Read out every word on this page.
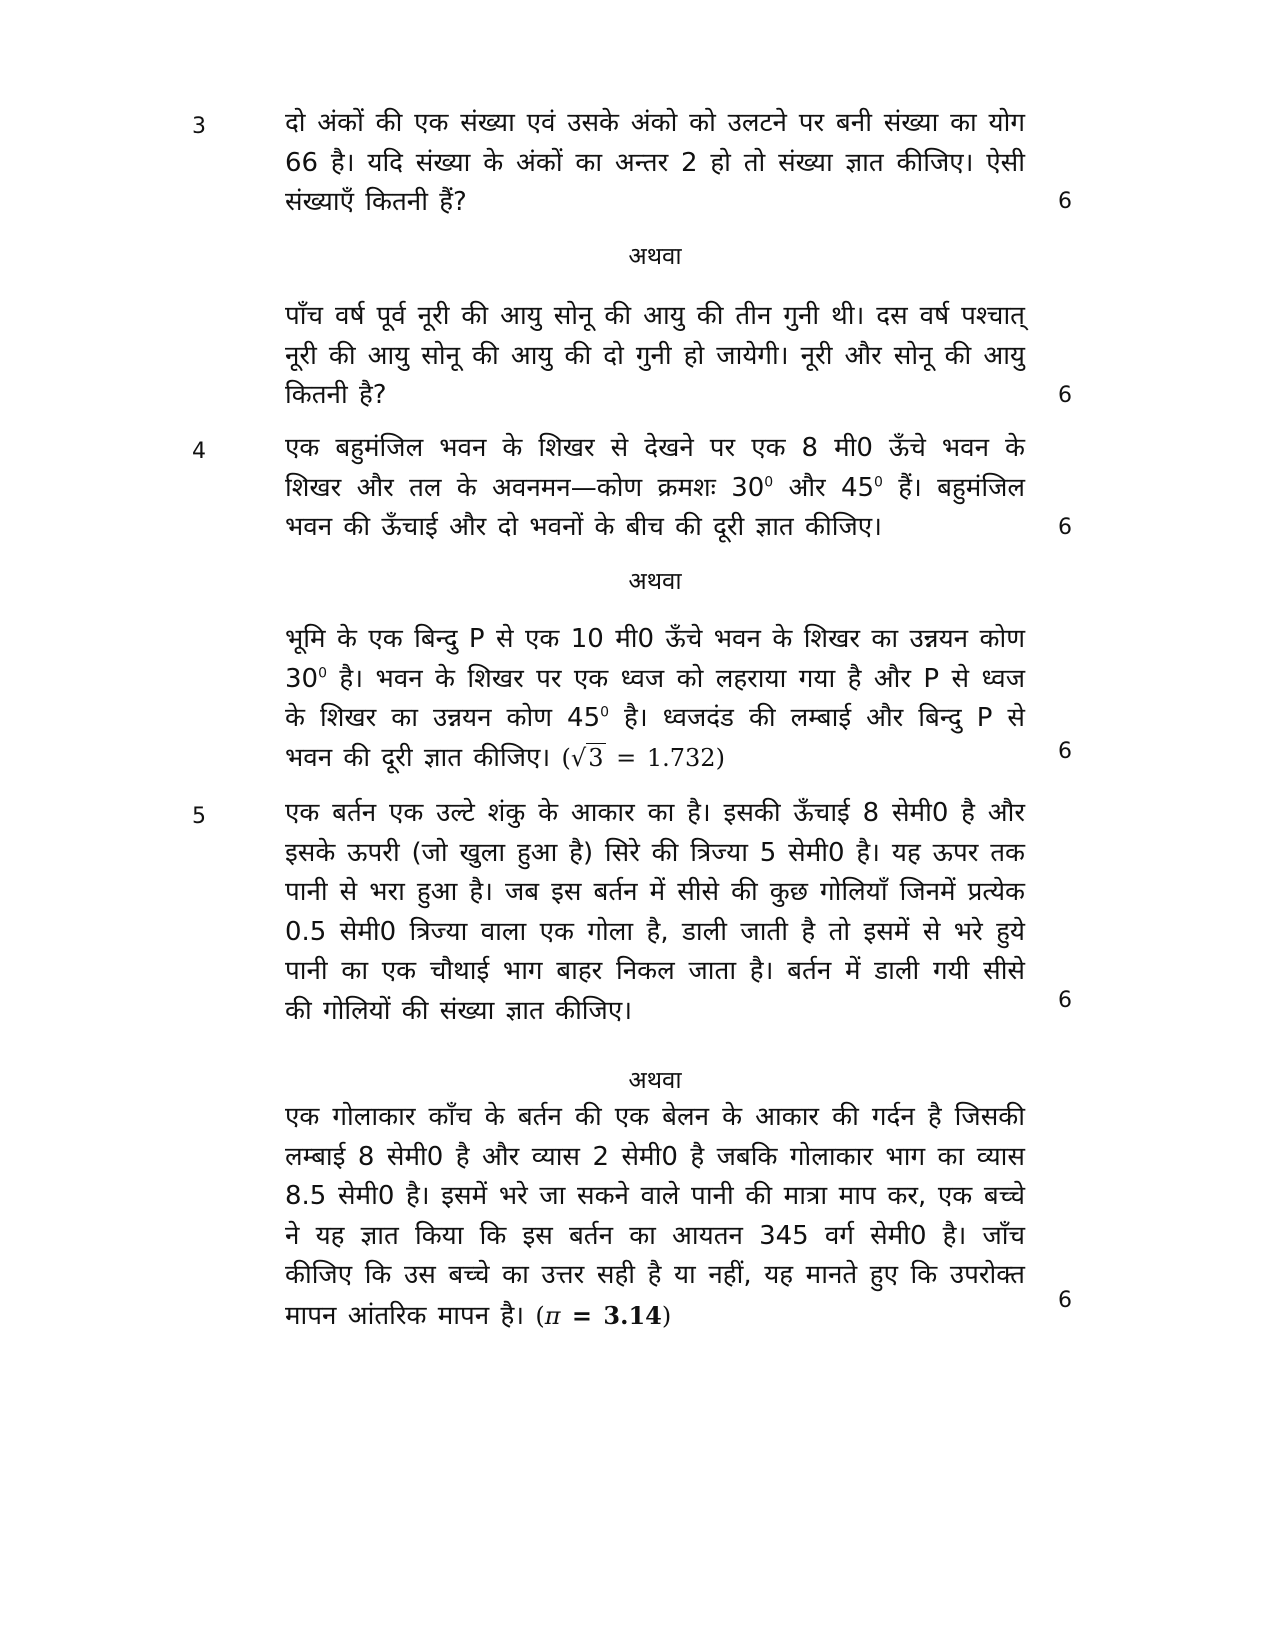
3	दो अंकों की एक संख्या एवं उसके अंको को उलटने पर बनी संख्या का योग 66 है। यदि संख्या के अंकों का अन्तर 2 हो तो संख्या ज्ञात कीजिए। ऐसी संख्याएँ कितनी हैं?	6
अथवा
पाँच वर्ष पूर्व नूरी की आयु सोनू की आयु की तीन गुनी थी। दस वर्ष पश्चात् नूरी की आयु सोनू की आयु की दो गुनी हो जायेगी। नूरी और सोनू की आयु कितनी है?	6
4	एक बहुमंजिल भवन के शिखर से देखने पर एक 8 मी0 ऊँचे भवन के शिखर और तल के अवनमन—कोण क्रमशः $30^0$ और $45^0$ हैं। बहुमंजिल भवन की ऊँचाई और दो भवनों के बीच की दूरी ज्ञात कीजिए।	6
अथवा
भूमि के एक बिन्दु P से एक 10 मी0 ऊँचे भवन के शिखर का उन्नयन कोण $30^0$ है। भवन के शिखर पर एक ध्वज को लहराया गया है और P से ध्वज के शिखर का उन्नयन कोण $45^0$ है। ध्वजदंड की लम्बाई और बिन्दु P से भवन की दूरी ज्ञात कीजिए। (√3 = 1.732)	6
5	एक बर्तन एक उल्टे शंकु के आकार का है। इसकी ऊँचाई 8 सेमी0 है और इसके ऊपरी (जो खुला हुआ है) सिरे की त्रिज्या 5 सेमी0 है। यह ऊपर तक पानी से भरा हुआ है। जब इस बर्तन में सीसे की कुछ गोलियाँ जिनमें प्रत्येक 0.5 सेमी0 त्रिज्या वाला एक गोला है, डाली जाती है तो इसमें से भरे हुये पानी का एक चौथाई भाग बाहर निकल जाता है। बर्तन में डाली गयी सीसे की गोलियों की संख्या ज्ञात कीजिए।	6
अथवा
एक गोलाकार काँच के बर्तन की एक बेलन के आकार की गर्दन है जिसकी लम्बाई 8 सेमी0 है और व्यास 2 सेमी0 है जबकि गोलाकार भाग का व्यास 8.5 सेमी0 है। इसमें भरे जा सकने वाले पानी की मात्रा माप कर, एक बच्चे ने यह ज्ञात किया कि इस बर्तन का आयतन 345 वर्ग सेमी0 है। जाँच कीजिए कि उस बच्चे का उत्तर सही है या नहीं, यह मानते हुए कि उपरोक्त मापन आंतरिक मापन है। (π = 3.14)
6
